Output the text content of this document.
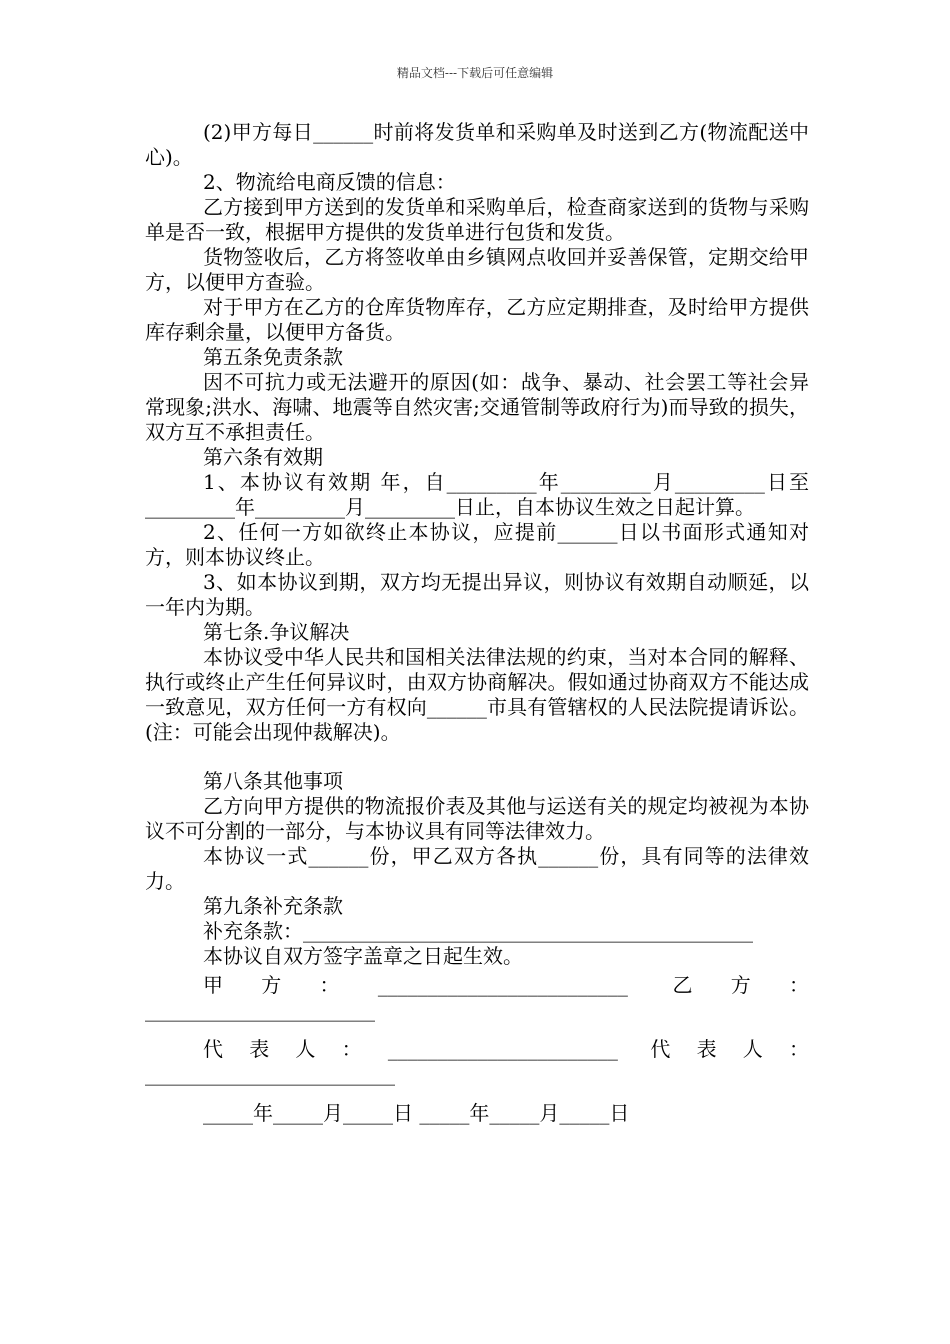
精品文档---下载后可任意编辑

(2)甲方每日______时前将发货单和采购单及时送到乙方(物流配送中心)。

2、物流给电商反馈的信息：

乙方接到甲方送到的发货单和采购单后，检查商家送到的货物与采购单是否一致，根据甲方提供的发货单进行包货和发货。

货物签收后，乙方将签收单由乡镇网点收回并妥善保管，定期交给甲方，以便甲方查验。

对于甲方在乙方的仓库货物库存，乙方应定期排查，及时给甲方提供库存剩余量，以便甲方备货。

第五条免责条款

因不可抗力或无法避开的原因(如：战争、暴动、社会罢工等社会异常现象;洪水、海啸、地震等自然灾害;交通管制等政府行为)而导致的损失，双方互不承担责任。

第六条有效期

1、本协议有效期 年，自_________年_________月_________日至_________年_________月_________日止，自本协议生效之日起计算。

2、任何一方如欲终止本协议，应提前______日以书面形式通知对方，则本协议终止。

3、如本协议到期，双方均无提出异议，则协议有效期自动顺延，以一年内为期。

第七条.争议解决

本协议受中华人民共和国相关法律法规的约束，当对本合同的解释、执行或终止产生任何异议时，由双方协商解决。假如通过协商双方不能达成一致意见，双方任何一方有权向______市具有管辖权的人民法院提请诉讼。(注：可能会出现仲裁解决)。

第八条其他事项

乙方向甲方提供的物流报价表及其他与运送有关的规定均被视为本协议不可分割的一部分，与本协议具有同等法律效力。

本协议一式______份，甲乙双方各执______份，具有同等的法律效力。

第九条补充条款

补充条款：_____________________________________________

本协议自双方签字盖章之日起生效。

甲方：_________________________ 乙方：_______________________

代表人：_______________________ 代表人：_________________________

_____年_____月_____日 _____年_____月_____日
